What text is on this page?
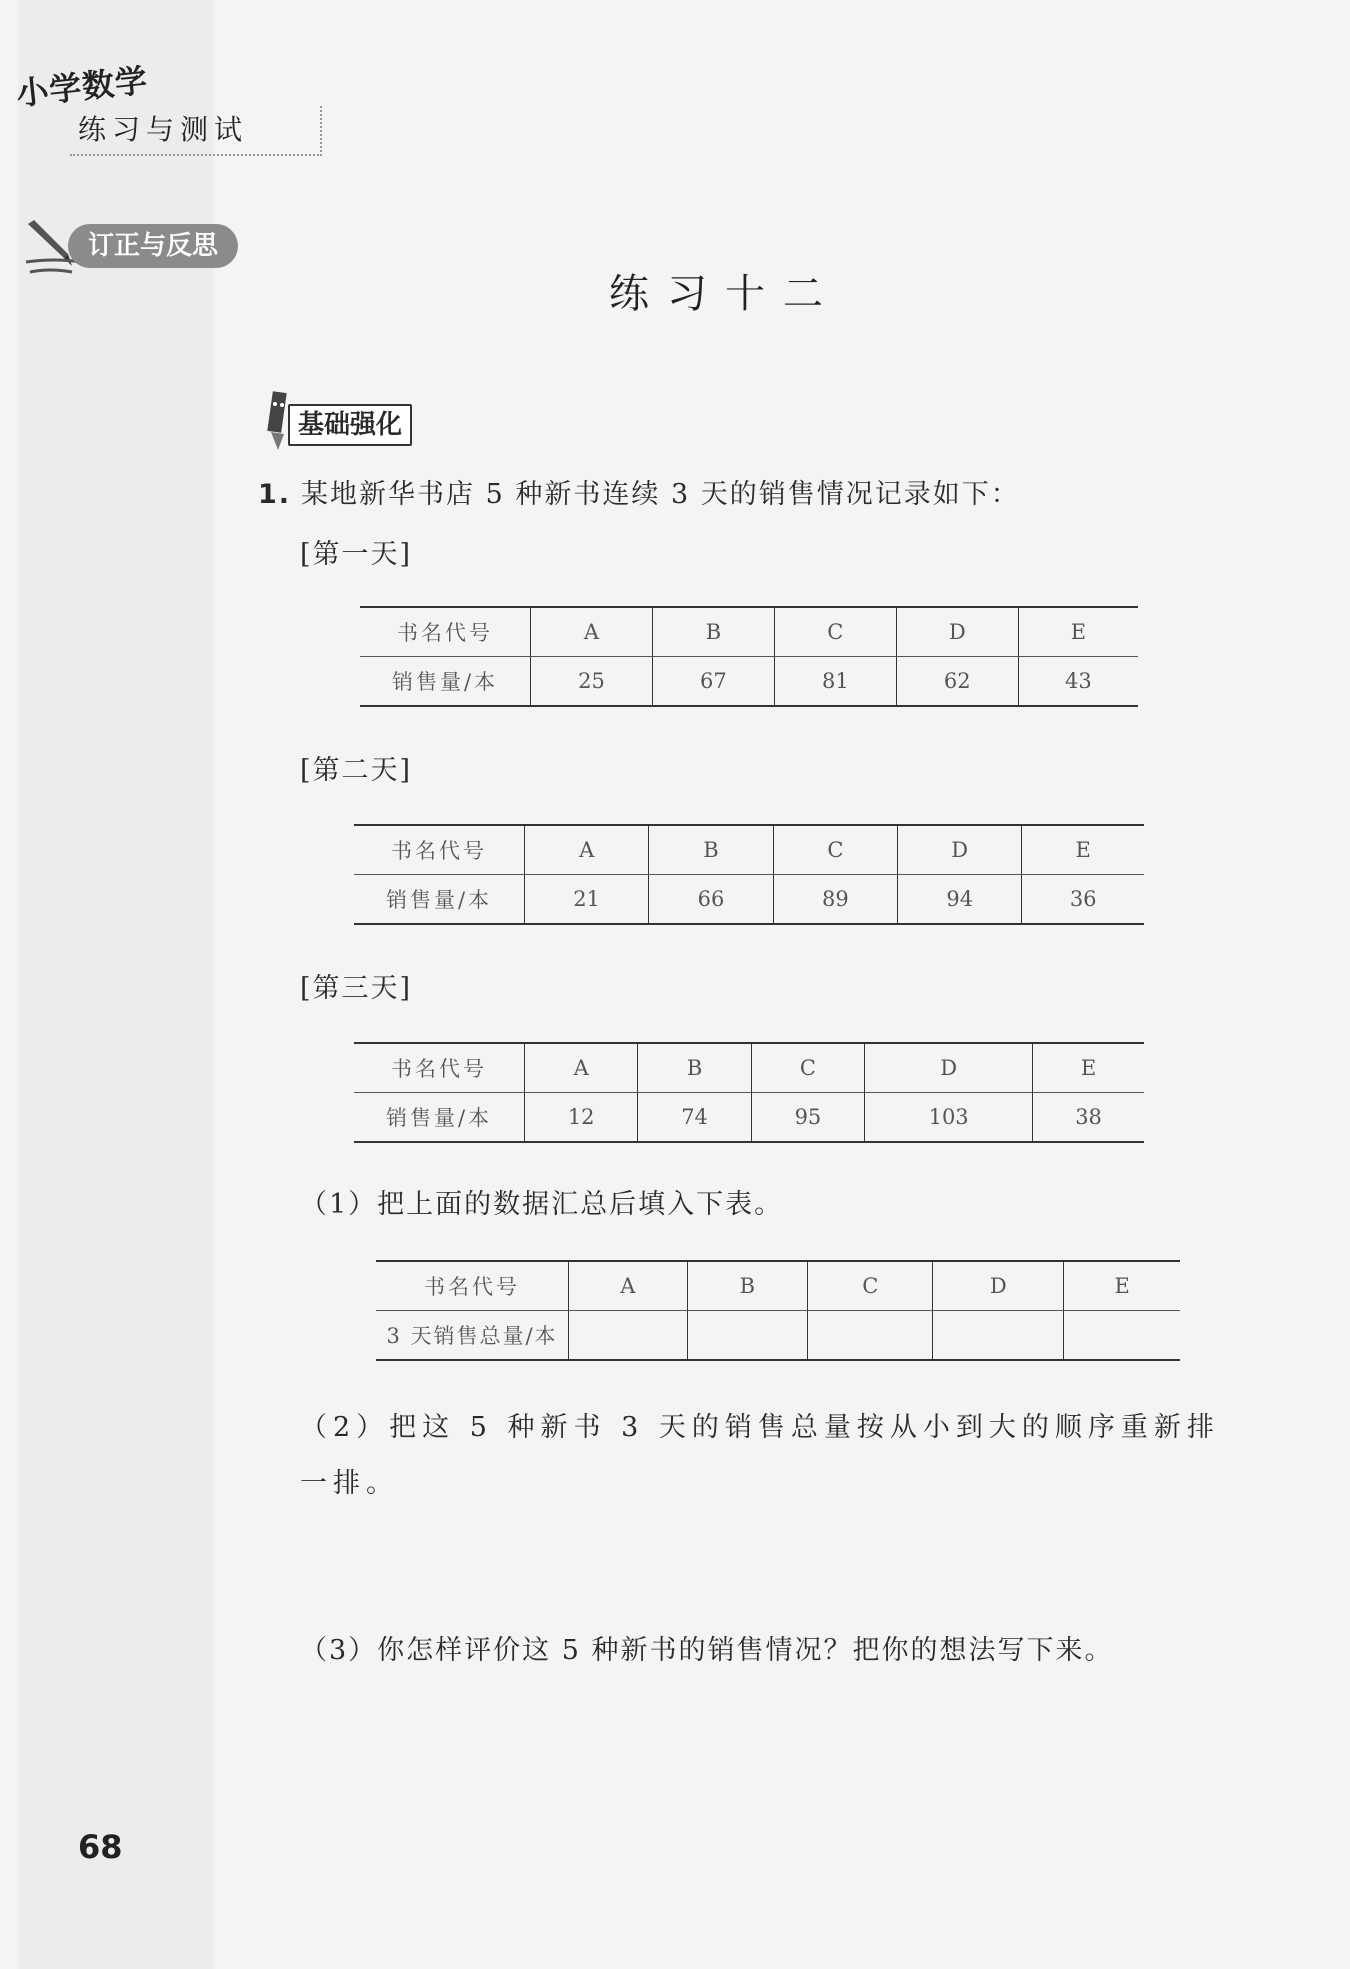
小学数学
练习与测试
订正与反思
练习十二
基础强化
1. 某地新华书店 5 种新书连续 3 天的销售情况记录如下：
[第一天]
书名代号	A	B	C	D	E
销售量/本	25	67	81	62	43
[第二天]
书名代号	A	B	C	D	E
销售量/本	21	66	89	94	36
[第三天]
书名代号	A	B	C	D	E
销售量/本	12	74	95	103	38
（1）把上面的数据汇总后填入下表。
书名代号	A	B	C	D	E
3 天销售总量/本					
（2）把这 5 种新书 3 天的销售总量按从小到大的顺序重新排一排。
（3）你怎样评价这 5 种新书的销售情况？把你的想法写下来。
68
